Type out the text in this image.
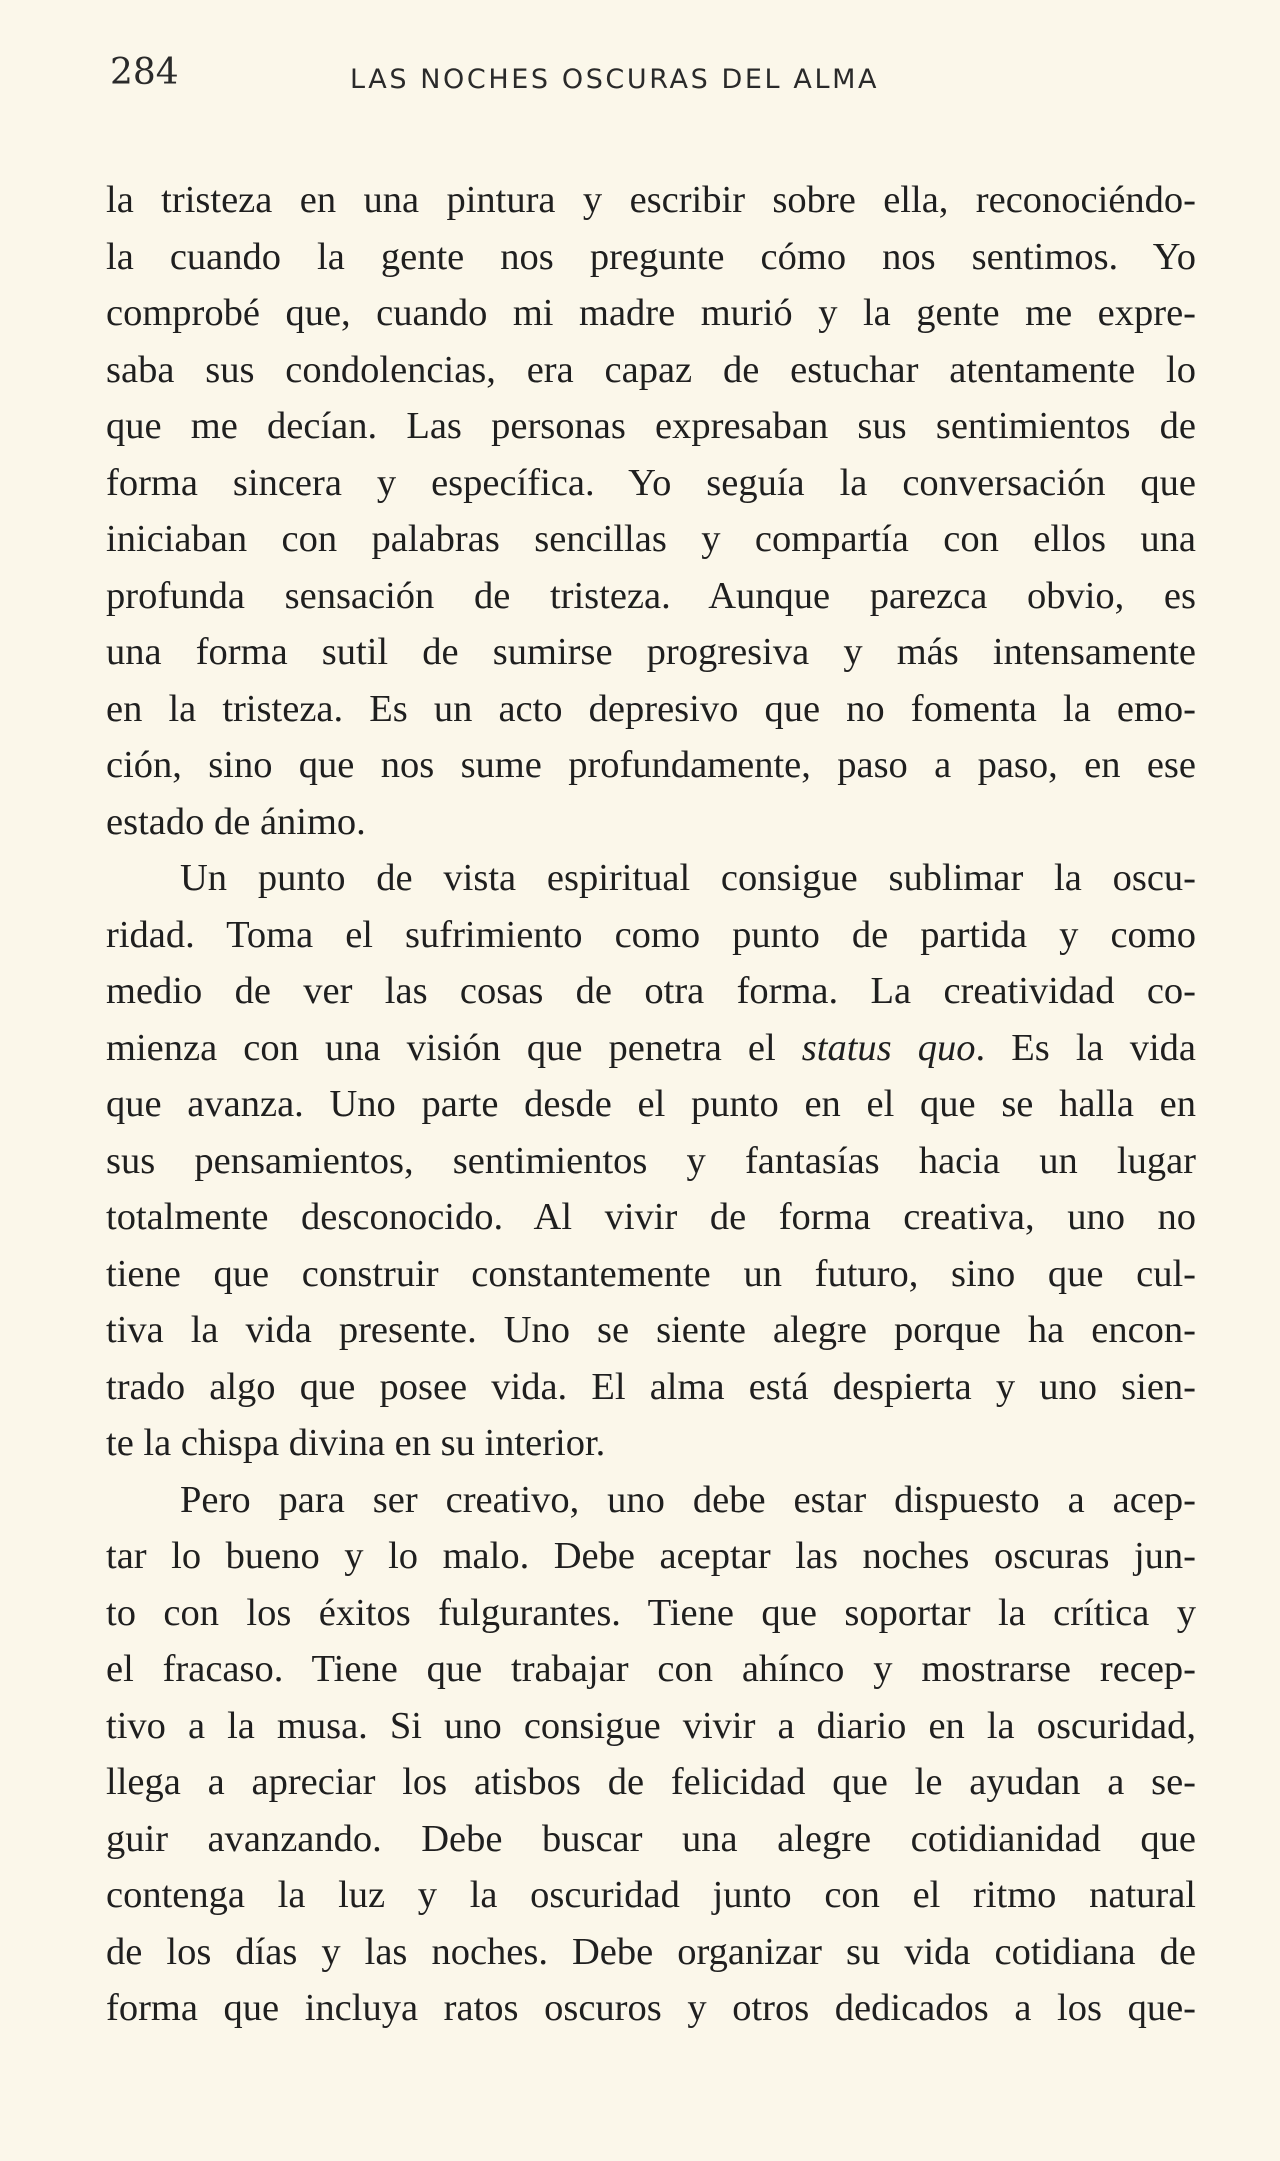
284	LAS NOCHES OSCURAS DEL ALMA
la tristeza en una pintura y escribir sobre ella, reconociéndo-
la cuando la gente nos pregunte cómo nos sentimos. Yo
comprobé que, cuando mi madre murió y la gente me expre-
saba sus condolencias, era capaz de estuchar atentamente lo
que me decían. Las personas expresaban sus sentimientos de
forma sincera y específica. Yo seguía la conversación que
iniciaban con palabras sencillas y compartía con ellos una
profunda sensación de tristeza. Aunque parezca obvio, es
una forma sutil de sumirse progresiva y más intensamente
en la tristeza. Es un acto depresivo que no fomenta la emo-
ción, sino que nos sume profundamente, paso a paso, en ese
estado de ánimo.
Un punto de vista espiritual consigue sublimar la oscu-
ridad. Toma el sufrimiento como punto de partida y como
medio de ver las cosas de otra forma. La creatividad co-
mienza con una visión que penetra el status quo. Es la vida
que avanza. Uno parte desde el punto en el que se halla en
sus pensamientos, sentimientos y fantasías hacia un lugar
totalmente desconocido. Al vivir de forma creativa, uno no
tiene que construir constantemente un futuro, sino que cul-
tiva la vida presente. Uno se siente alegre porque ha encon-
trado algo que posee vida. El alma está despierta y uno sien-
te la chispa divina en su interior.
Pero para ser creativo, uno debe estar dispuesto a acep-
tar lo bueno y lo malo. Debe aceptar las noches oscuras jun-
to con los éxitos fulgurantes. Tiene que soportar la crítica y
el fracaso. Tiene que trabajar con ahínco y mostrarse recep-
tivo a la musa. Si uno consigue vivir a diario en la oscuridad,
llega a apreciar los atisbos de felicidad que le ayudan a se-
guir avanzando. Debe buscar una alegre cotidianidad que
contenga la luz y la oscuridad junto con el ritmo natural
de los días y las noches. Debe organizar su vida cotidiana de
forma que incluya ratos oscuros y otros dedicados a los que-
